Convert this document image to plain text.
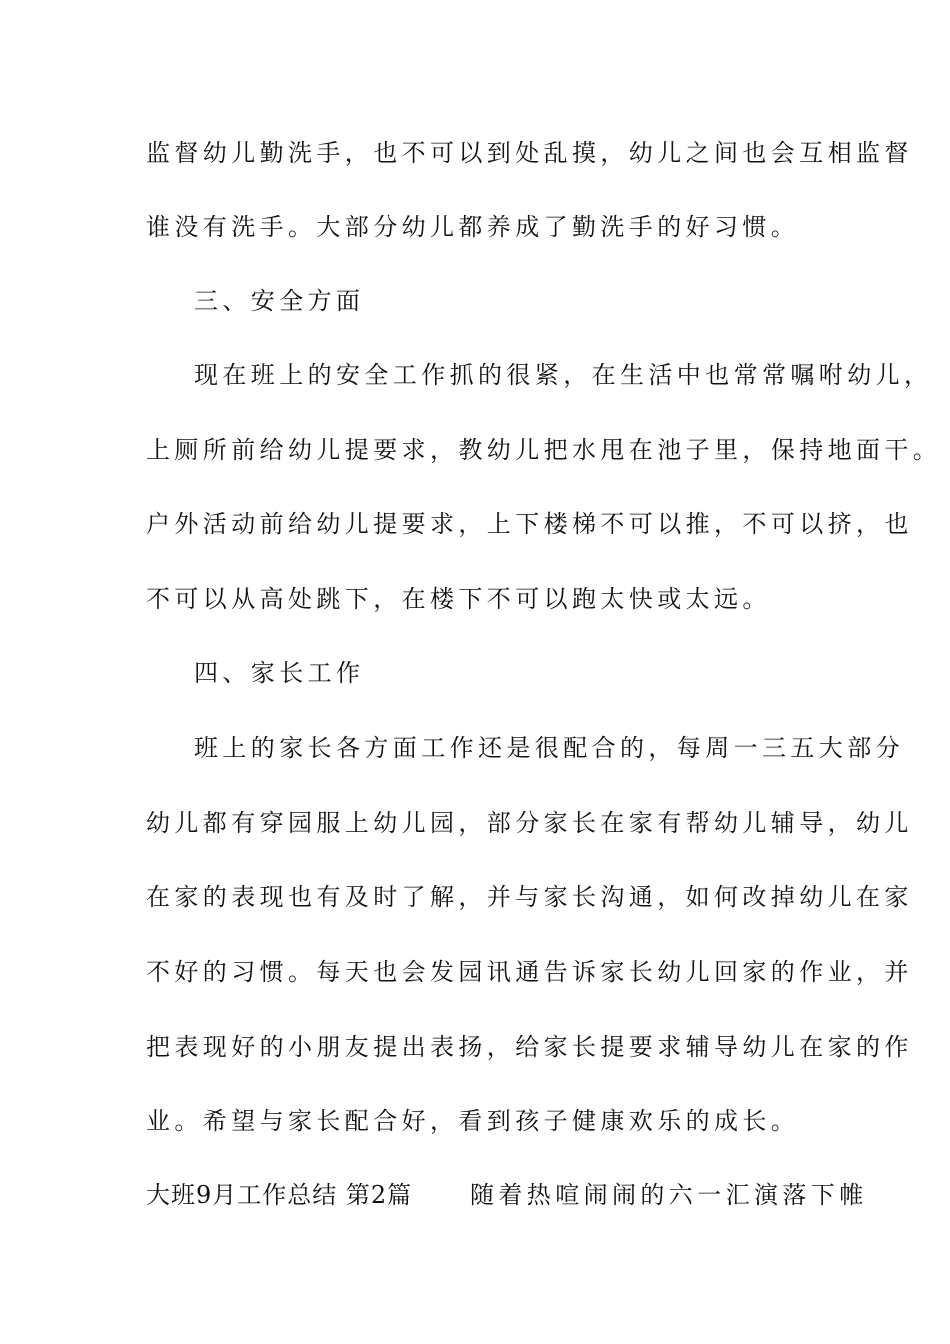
监督幼儿勤洗手，也不可以到处乱摸，幼儿之间也会互相监督
谁没有洗手。大部分幼儿都养成了勤洗手的好习惯。
三、安全方面
现在班上的安全工作抓的很紧，在生活中也常常嘱咐幼儿，
上厕所前给幼儿提要求，教幼儿把水甩在池子里，保持地面干。
户外活动前给幼儿提要求，上下楼梯不可以推，不可以挤，也
不可以从高处跳下，在楼下不可以跑太快或太远。
四、家长工作
班上的家长各方面工作还是很配合的，每周一三五大部分
幼儿都有穿园服上幼儿园，部分家长在家有帮幼儿辅导，幼儿
在家的表现也有及时了解，并与家长沟通，如何改掉幼儿在家
不好的习惯。每天也会发园讯通告诉家长幼儿回家的作业，并
把表现好的小朋友提出表扬，给家长提要求辅导幼儿在家的作
业。希望与家长配合好，看到孩子健康欢乐的成长。
大班9月工作总结 第2篇 随着热喧闹闹的六一汇演落下帷
